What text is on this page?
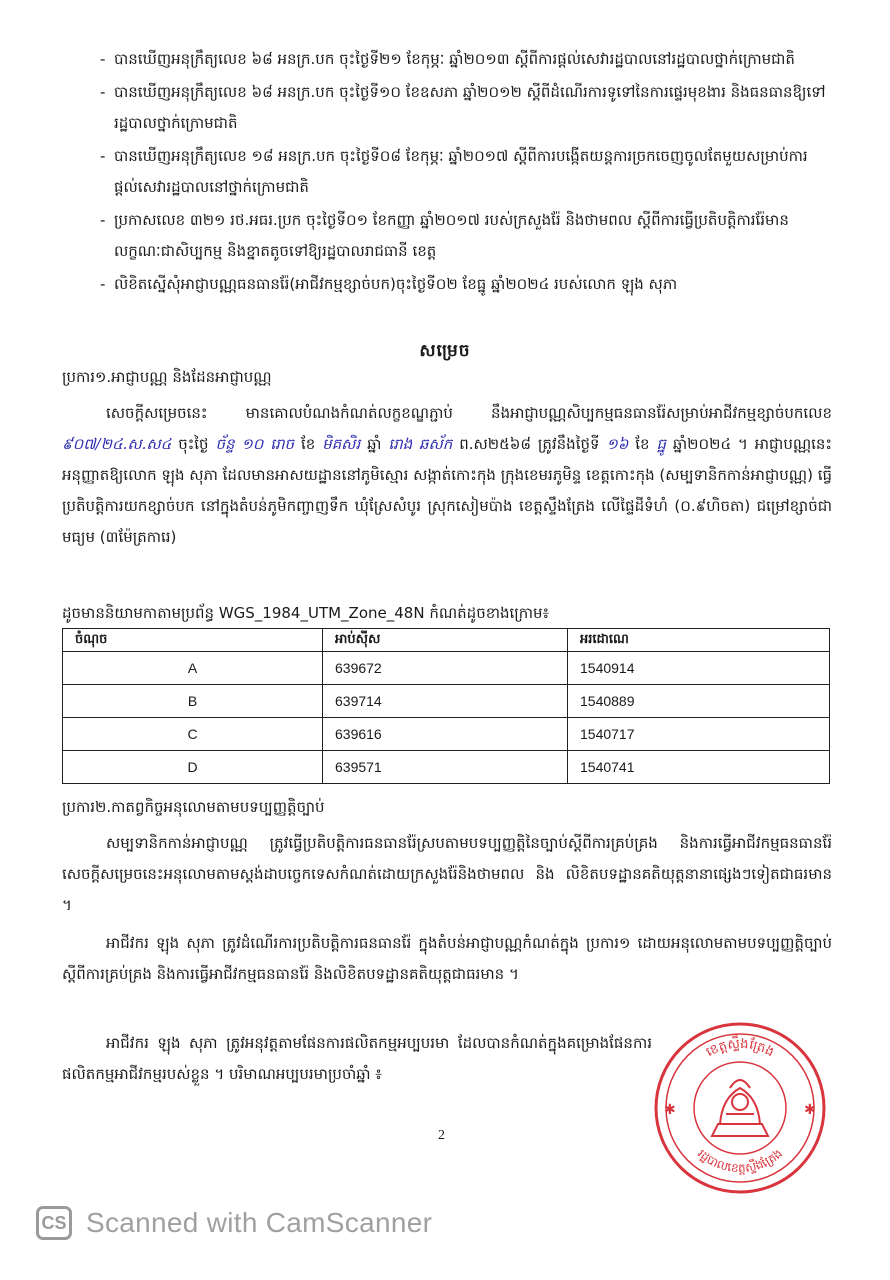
- បានឃើញអនុក្រឹត្យលេខ ៦៨ អនក្រ.បក ចុះថ្ងៃទី២១ ខែកុម្ភៈ ឆ្នាំ២០១៣ ស្ដីពីការផ្ដល់សេវារដ្ឋបាលនៅរដ្ឋបាលថ្នាក់ក្រោមជាតិ
- បានឃើញអនុក្រឹត្យលេខ ៦៨ អនក្រ.បក ចុះថ្ងៃទី១០ ខែឧសភា ឆ្នាំ២០១២ ស្ដីពីដំណើរការទូទៅនៃការផ្ទេរមុខងារ និងធនធានឱ្យទៅរដ្ឋបាលថ្នាក់ក្រោមជាតិ
- បានឃើញអនុក្រឹត្យលេខ ១៨ អនក្រ.បក ចុះថ្ងៃទី០៨ ខែកុម្ភៈ ឆ្នាំ២០១៧ ស្ដីពីការបង្កើតយន្តការច្រកចេញចូលតែមួយសម្រាប់ការផ្ដល់សេវារដ្ឋបាលនៅថ្នាក់ក្រោមជាតិ
- ប្រកាសលេខ ៣២១ រថ.អធរ.ប្រក ចុះថ្ងៃទី០១ ខែកញ្ញា ឆ្នាំ២០១៧ របស់ក្រសួងរ៉ែ និងថាមពល ស្ដីពីការធ្វើប្រតិបត្តិការរ៉ែមានលក្ខណៈជាសិប្បកម្ម និងខ្នាតតូចទៅឱ្យរដ្ឋបាលរាជធានី ខេត្ត
- លិខិតស្នើសុំអាជ្ញាបណ្ណធនធានរ៉ែ(អាជីវកម្មខ្សាច់បក)ចុះថ្ងៃទី០២ ខែធ្នូ ឆ្នាំ២០២៤ របស់លោក ឡុង សុភា
សម្រេច
ប្រការ១.អាជ្ញាបណ្ណ និងដែនអាជ្ញាបណ្ណ

សេចក្ដីសម្រេចនេះ មានគោលបំណងកំណត់លក្ខខណ្ឌភ្ជាប់ នឹងអាជ្ញាបណ្ណសិប្បកម្មធនធានរ៉ែសម្រាប់អាជីវកម្មខ្សាច់បកលេខ ៩០៧/២៤.ស.ស៤ ចុះថ្ងៃ ច័ន្ទ ១០ រោច ខែ មិគសិរ ឆ្នាំ រោង ឆស័ក ព.ស២៥៦៨ ត្រូវនឹងថ្ងៃទី ១៦ ខែ ធ្នូ ឆ្នាំ២០២៤ ។ អាជ្ញាបណ្ណនេះអនុញ្ញាតឱ្យលោក ឡុង សុភា ដែលមានអាសយដ្ឋាននៅភូមិស្មោរ សង្កាត់កោះកុង ក្រុងខេមរភូមិន្ទ ខេត្តកោះកុង (សម្បទានិកកាន់អាជ្ញាបណ្ណ) ធ្វើប្រតិបត្តិការយកខ្សាច់បក នៅក្នុងតំបន់ភូមិកញ្ចាញទឹក ឃុំស្រែសំបូរ ស្រុកសៀមប៉ាង ខេត្តស្ទឹងត្រែង លើផ្ទៃដីទំហំ (០.៩ហិចតា) ជម្រៅខ្សាច់ជាមធ្យម (៣ម៉ែត្រការេ)

ដូចមាននិយាមកាតាមប្រព័ន្ធ WGS_1984_UTM_Zone_48N កំណត់ដូចខាងក្រោម៖
ចំណុច	អាប់ស៊ីស	អរដោណេ
A	639672	1540914
B	639714	1540889
C	639616	1540717
D	639571	1540741
ប្រការ២.កាតព្វកិច្ចអនុលោមតាមបទប្បញ្ញត្តិច្បាប់

សម្បទានិកកាន់អាជ្ញាបណ្ណ ត្រូវធ្វើប្រតិបត្តិការធនធានរ៉ែស្របតាមបទប្បញ្ញត្តិនៃច្បាប់ស្ដីពីការគ្រប់គ្រង និងការធ្វើអាជីវកម្មធនធានរ៉ែ សេចក្ដីសម្រេចនេះអនុលោមតាមស្តង់ដាបច្ចេកទេសកំណត់ដោយក្រសួងរ៉ែនិងថាមពល និង លិខិតបទដ្ឋានគតិយុត្តនានាផ្សេងៗទៀតជាធរមាន ។

អាជីវករ ឡុង សុភា ត្រូវដំណើរការប្រតិបត្តិការធនធានរ៉ែ ក្នុងតំបន់អាជ្ញាបណ្ណកំណត់ក្នុង ប្រការ១ ដោយអនុលោមតាមបទប្បញ្ញត្តិច្បាប់ស្ដីពីការគ្រប់គ្រង និងការធ្វើអាជីវកម្មធនធានរ៉ែ និងលិខិតបទដ្ឋានគតិយុត្តជាធរមាន ។

អាជីវករ ឡុង សុភា ត្រូវអនុវត្តតាមផែនការផលិតកម្មអប្បបរមា ដែលបានកំណត់ក្នុងគម្រោងផែនការផលិតកម្មអាជីវកម្មរបស់ខ្លួន ។ បរិមាណអប្បបរមាប្រចាំឆ្នាំ ៖

2
ខេត្តស្ទឹងត្រែង
រដ្ឋបាលខេត្តស្ទឹងត្រែង
✱	✱
CS Scanned with CamScanner
